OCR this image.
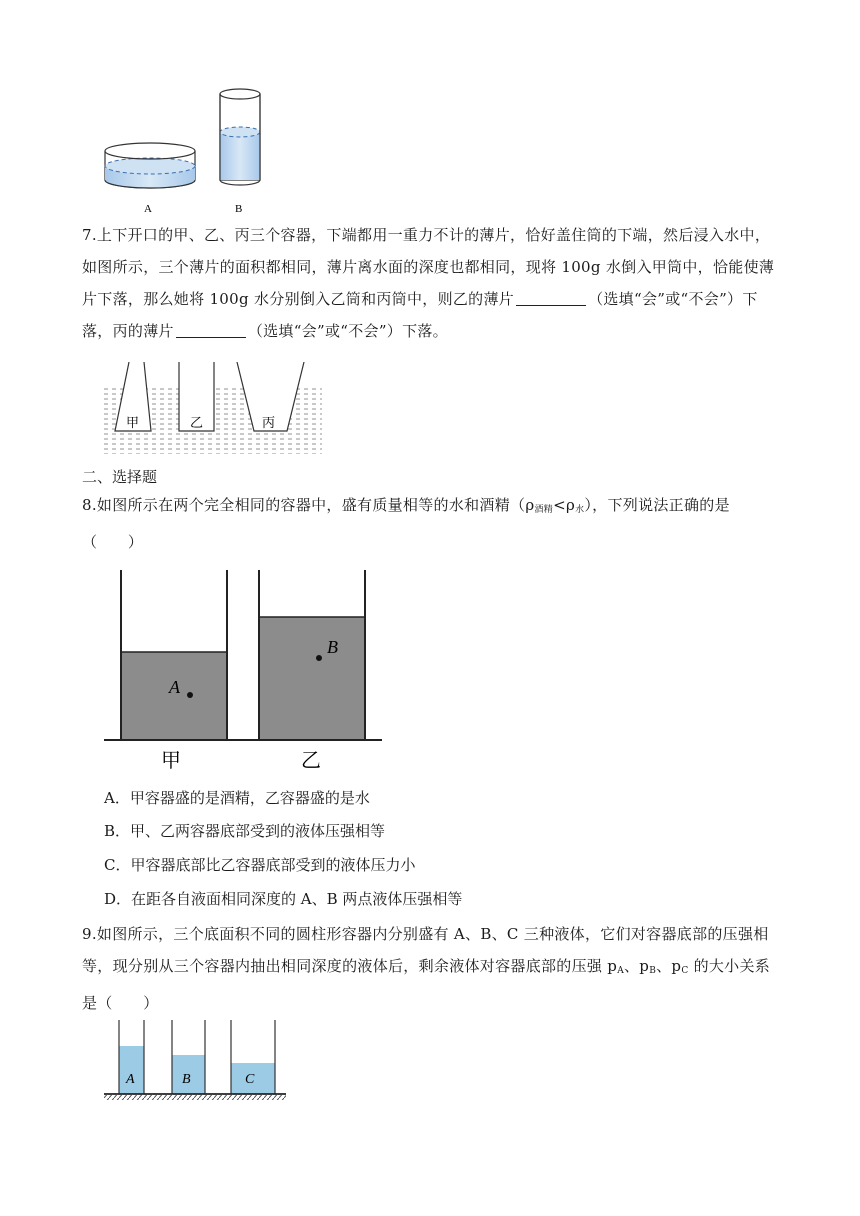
A	B
7.上下开口的甲、乙、丙三个容器，下端都用一重力不计的薄片，恰好盖住筒的下端，然后浸入水中，如图所示，三个薄片的面积都相同，薄片离水面的深度也都相同，现将 100g 水倒入甲筒中，恰能使薄片下落，那么她将 100g 水分别倒入乙筒和丙筒中，则乙的薄片	（选填“会”或“不会”）下落，丙的薄片	（选填“会”或“不会”）下落。
甲	乙	丙
二、选择题
8.如图所示在两个完全相同的容器中，盛有质量相等的水和酒精$(\rho_{酒精}<\rho_水)$，下列说法正确的是（　　）
A
B
甲	乙
A．甲容器盛的是酒精，乙容器盛的是水
B．甲、乙两容器底部受到的液体压强相等
C．甲容器底部比乙容器底部受到的液体压力小
D．在距各自液面相同深度的 A、B 两点液体压强相等
9.如图所示，三个底面积不同的圆柱形容器内分别盛有 A、B、C 三种液体，它们对容器底部的压强相等，现分别从三个容器内抽出相同深度的液体后，剩余液体对容器底部的压强 $p_A$、$p_B$、$p_C$ 的大小关系是（　　）
A	B	C
